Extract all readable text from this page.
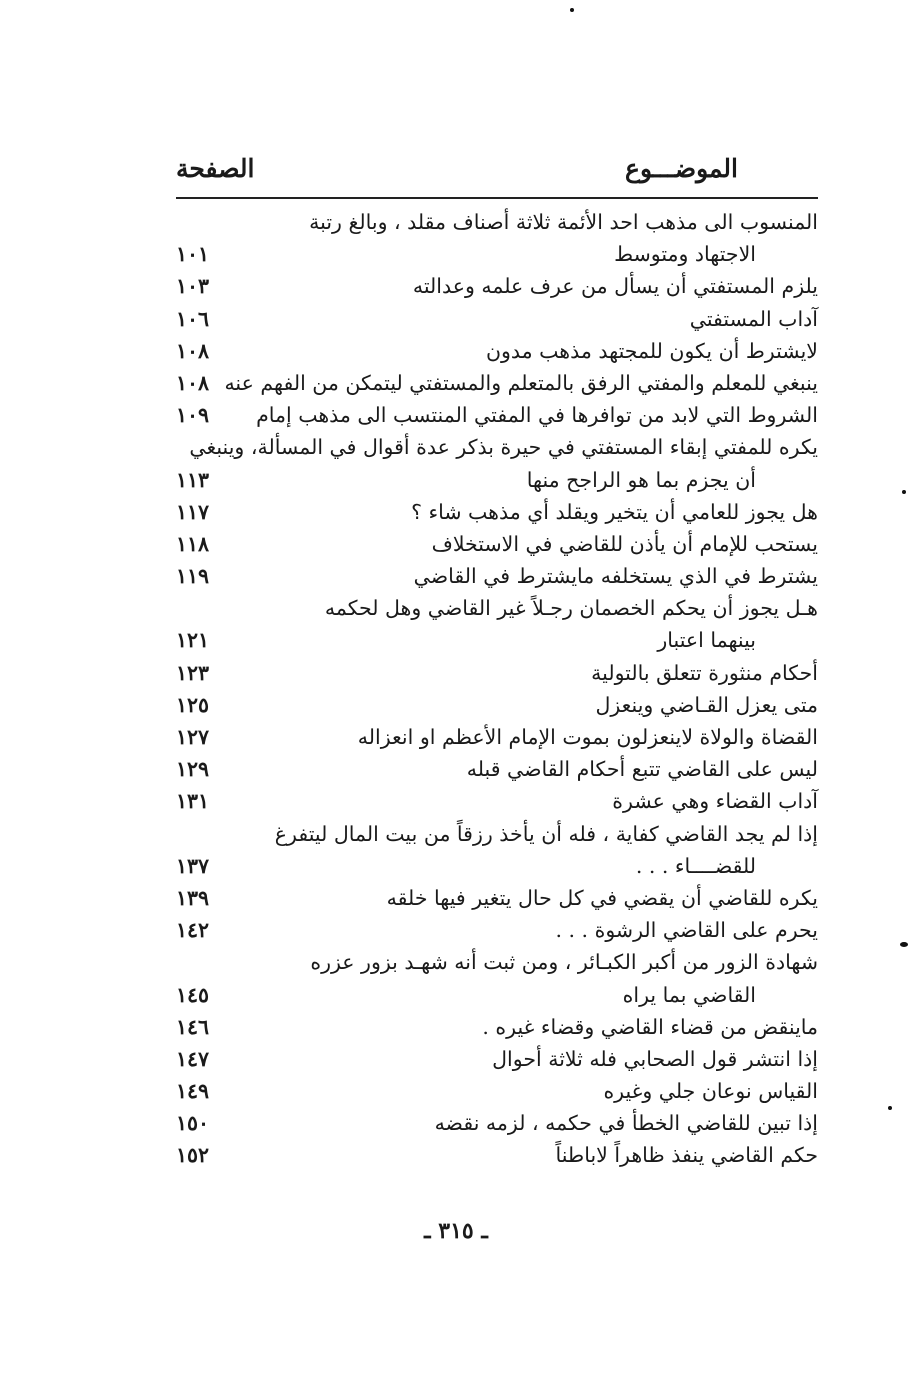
الموضـــوع
الصفحة
المنسوب الى مذهب احد الأئمة ثلاثة أصناف مقلد ، وبالغ رتبة
الاجتهاد ومتوسط
١٠١
يلزم المستفتي أن يسأل من عرف علمه وعدالته
١٠٣
آداب المستفتي
١٠٦
لايشترط أن يكون للمجتهد مذهب مدون
١٠٨
ينبغي للمعلم والمفتي الرفق بالمتعلم والمستفتي ليتمكن من الفهم عنه
١٠٨
الشروط التي لابد من توافرها في المفتي المنتسب الى مذهب إمام
١٠٩
يكره للمفتي إبقاء المستفتي في حيرة بذكر عدة أقوال في المسألة، وينبغي
أن يجزم بما هو الراجح منها
١١٣
هل يجوز للعامي أن يتخير ويقلد أي مذهب شاء ؟
١١٧
يستحب للإمام أن يأذن للقاضي في الاستخلاف
١١٨
يشترط في الذي يستخلفه مايشترط في القاضي
١١٩
هـل يجوز أن يحكم الخصمان رجـلاً غير القاضي وهل لحكمه
بينهما اعتبار
١٢١
أحكام منثورة تتعلق بالتولية
١٢٣
متى يعزل القـاضي وينعزل
١٢٥
القضاة والولاة لاينعزلون بموت الإمام الأعظم او انعزاله
١٢٧
ليس على القاضي تتبع أحكام القاضي قبله
١٢٩
آداب القضاء وهي عشرة
١٣١
إذا لم يجد القاضي كفاية ، فله أن يأخذ رزقاً من بيت المال ليتفرغ
للقضــــاء . . .
١٣٧
يكره للقاضي أن يقضي في كل حال يتغير فيها خلقه
١٣٩
يحرم على القاضي الرشوة . . .
١٤٢
شهادة الزور من أكبر الكبـائر ، ومن ثبت أنه شهـد بزور عزره
القاضي بما يراه
١٤٥
ماينقض من قضاء القاضي وقضاء غيره .
١٤٦
إذا انتشر قول الصحابي فله ثلاثة أحوال
١٤٧
القياس نوعان جلي وغيره
١٤٩
إذا تبين للقاضي الخطأ في حكمه ، لزمه نقضه
١٥٠
حكم القاضي ينفذ ظاهراً لاباطناً
١٥٢
ـ ٣١٥ ـ
